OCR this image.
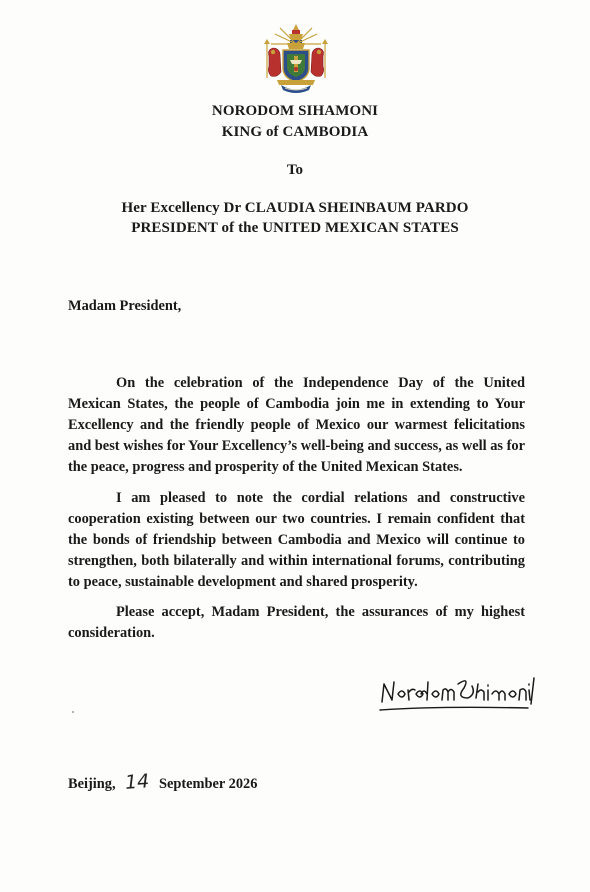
NORODOM SIHAMONI
KING of CAMBODIA
To
Her Excellency Dr CLAUDIA SHEINBAUM PARDO
PRESIDENT of the UNITED MEXICAN STATES
Madam President,

On the celebration of the Independence Day of the United Mexican States, the people of Cambodia join me in extending to Your Excellency and the friendly people of Mexico our warmest felicitations and best wishes for Your Excellency’s well-being and success, as well as for the peace, progress and prosperity of the United Mexican States.

I am pleased to note the cordial relations and constructive cooperation existing between our two countries. I remain confident that the bonds of friendship between Cambodia and Mexico will continue to strengthen, both bilaterally and within international forums, contributing to peace, sustainable development and shared prosperity.

Please accept, Madam President, the assurances of my highest consideration.

Beijing, 14 September 2026
